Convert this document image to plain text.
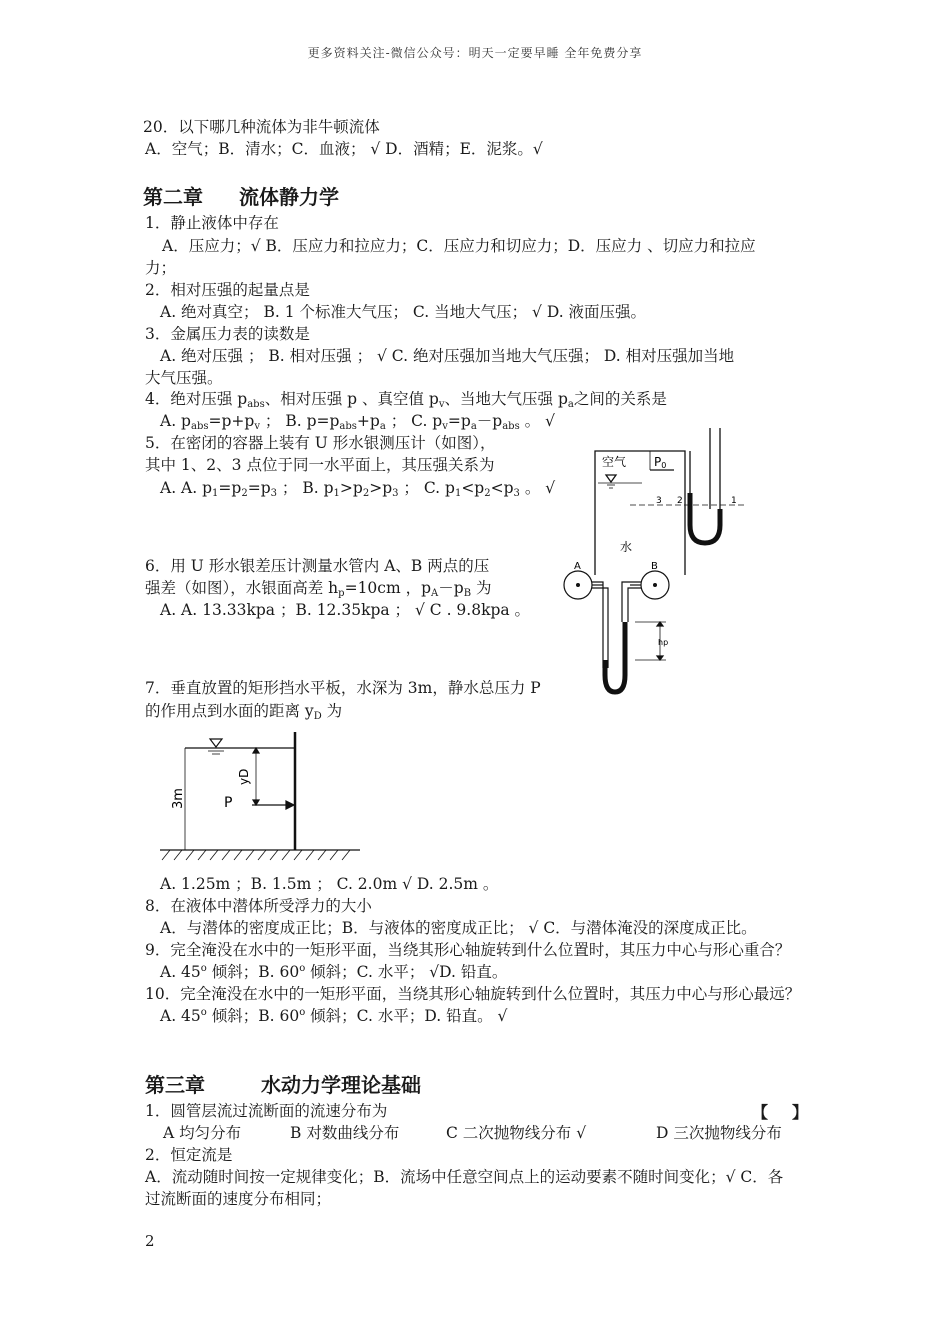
更多资料关注-微信公众号：明天一定要早睡 全年免费分享
20．以下哪几种流体为非牛顿流体
A．空气；B．清水；C．血液； √ D．酒精；E．泥浆。√
第二章 流体静力学
1．静止液体中存在
A．压应力；√ B．压应力和拉应力；C．压应力和切应力；D．压应力 、切应力和拉应
力；
2．相对压强的起量点是
A. 绝对真空； B. 1 个标准大气压； C. 当地大气压； √ D. 液面压强。
3．金属压力表的读数是
A. 绝对压强 ； B. 相对压强 ； √ C. 绝对压强加当地大气压强； D. 相对压强加当地
大气压强。
4．绝对压强 $p_{abs}$、相对压强 p 、真空值 $p_v$、当地大气压强 $p_a$之间的关系是
A. $p_{abs}=p+p_v$ ； B. $p=p_{abs}+p_a$ ； C. $p_v=p_a-p_{abs}$ 。 √
5．在密闭的容器上装有 U 形水银测压计（如图），
其中 1、2、3 点位于同一水平面上，其压强关系为
A. A. $p_1=p_2=p_3$ ； B. $p_1>p_2>p_3$ ； C. $p_1<p_2<p_3$ 。 √
空气 P0
水
3 2	1
6．用 U 形水银差压计测量水管内 A、B 两点的压
强差（如图），水银面高差 $h_p=10cm$ ，$p_A-p_B$ 为
A. A. 13.33kpa ；B. 12.35kpa ； √ C . 9.8kpa 。
A	B
hp
7．垂直放置的矩形挡水平板，水深为 3m，静水总压力 P
的作用点到水面的距离 $y_D$ 为
3m
yD
P
A. 1.25m ；B. 1.5m ； C. 2.0m √ D. 2.5m 。
8．在液体中潜体所受浮力的大小
A．与潜体的密度成正比；B．与液体的密度成正比； √ C．与潜体淹没的深度成正比。
9．完全淹没在水中的一矩形平面，当绕其形心轴旋转到什么位置时，其压力中心与形心重合？
A. 45$^o$ 倾斜；B. 60$^o$ 倾斜；C. 水平； √D. 铅直。
10．完全淹没在水中的一矩形平面，当绕其形心轴旋转到什么位置时，其压力中心与形心最远？
A. 45$^o$ 倾斜；B. 60$^o$ 倾斜；C. 水平；D. 铅直。 √
第三章	水动力学理论基础
1．圆管层流过流断面的流速分布为	【 】
A 均匀分布	B 对数曲线分布	C 二次抛物线分布 √	D 三次抛物线分布
2．恒定流是
A．流动随时间按一定规律变化；B．流场中任意空间点上的运动要素不随时间变化；√ C．各
过流断面的速度分布相同；
2
